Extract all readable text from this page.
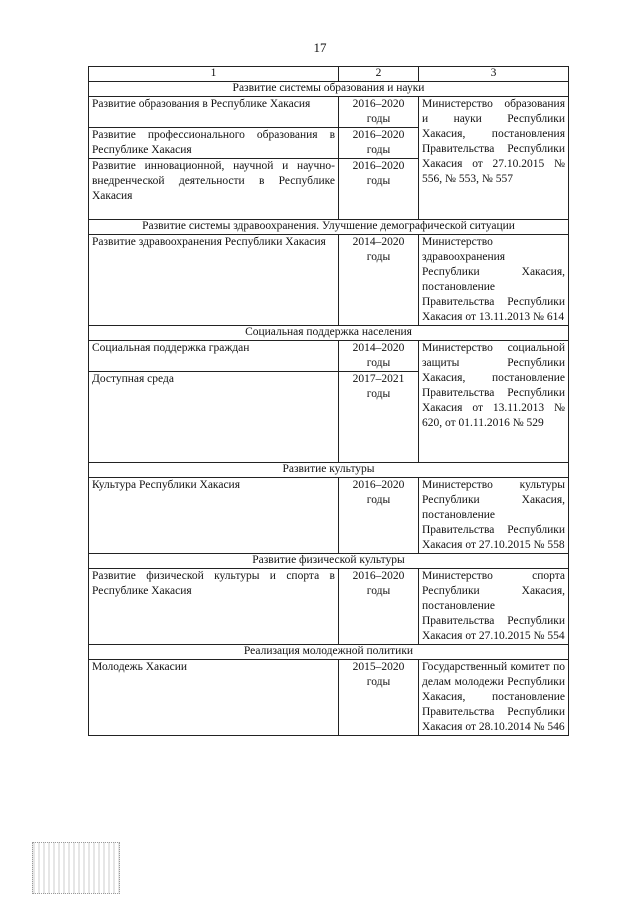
17
1	2	3
Развитие системы образования и науки		
Развитие образования в Республике Хакасия	2016–2020 годы	Министерство образования и науки Республики Хакасия, постановления Правительства Республики Хакасия от 27.10.2015 № 556, № 553, № 557
Развитие профессионального образования в Республике Хакасия	2016–2020 годы	
Развитие инновационной, научной и научно-внедренческой деятельности в Республике Хакасия	2016–2020 годы	
Развитие системы здравоохранения. Улучшение демографической ситуации		
Развитие здравоохранения Республики Хакасия	2014–2020 годы	Министерство здравоохранения Республики Хакасия, постановление Правительства Республики Хакасия от 13.11.2013 № 614
Социальная поддержка населения		
Социальная поддержка граждан	2014–2020 годы	Министерство социальной защиты Республики Хакасия, постановление Правительства Республики Хакасия от 13.11.2013 № 620, от 01.11.2016 № 529
Доступная среда	2017–2021 годы	
Развитие культуры		
Культура Республики Хакасия	2016–2020 годы	Министерство культуры Республики Хакасия, постановление Правительства Республики Хакасия от 27.10.2015 № 558
Развитие физической культуры		
Развитие физической культуры и спорта в Республике Хакасия	2016–2020 годы	Министерство спорта Республики Хакасия, постановление Правительства Республики Хакасия от 27.10.2015 № 554
Реализация молодежной политики		
Молодежь Хакасии	2015–2020 годы	Государственный комитет по делам молодежи Республики Хакасия, постановление Правительства Республики Хакасия от 28.10.2014 № 546
